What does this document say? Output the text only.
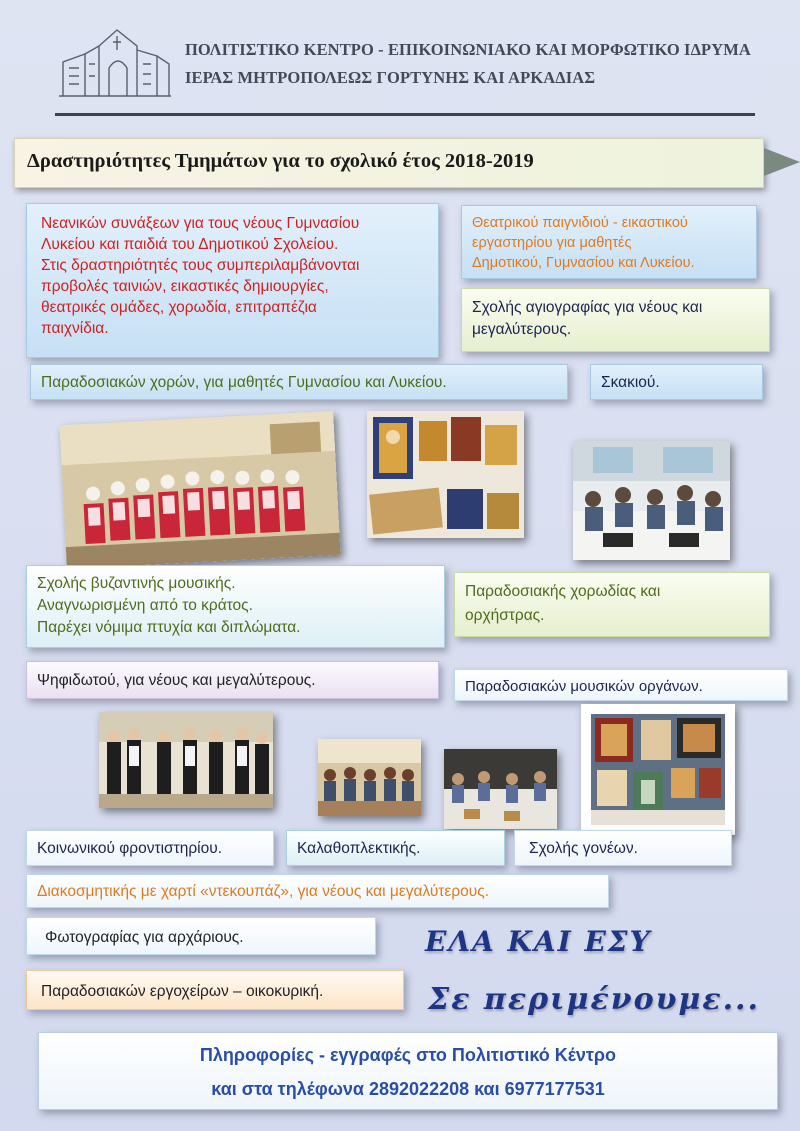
ΠΟΛΙΤΙΣΤΙΚΟ ΚΕΝΤΡΟ - ΕΠΙΚΟΙΝΩΝΙΑΚΟ ΚΑΙ ΜΟΡΦΩΤΙΚΟ ΙΔΡΥΜΑ
ΙΕΡΑΣ ΜΗΤΡΟΠΟΛΕΩΣ ΓΟΡΤΥΝΗΣ ΚΑΙ ΑΡΚΑΔΙΑΣ
Δραστηριότητες Τμημάτων για το σχολικό έτος 2018-2019
Νεανικών συνάξεων για τους νέους Γυμνασίου
Λυκείου και παιδιά του Δημοτικού Σχολείου.
Στις δραστηριότητές τους συμπεριλαμβάνονται
προβολές ταινιών, εικαστικές δημιουργίες,
θεατρικές ομάδες, χορωδία, επιτραπέζια
παιχνίδια.
Θεατρικού παιγνιδιού - εικαστικού
εργαστηρίου για μαθητές
Δημοτικού, Γυμνασίου και Λυκείου.
Σχολής αγιογραφίας για νέους και
μεγαλύτερους.
Παραδοσιακών χορών, για μαθητές Γυμνασίου και Λυκείου.	Σκακιού.
Σχολής βυζαντινής μουσικής.
Αναγνωρισμένη από το κράτος.
Παρέχει νόμιμα πτυχία και διπλώματα.
Παραδοσιακής χορωδίας και
ορχήστρας.
Ψηφιδωτού, για νέους και μεγαλύτερους.	Παραδοσιακών μουσικών οργάνων.
Κοινωνικού φροντιστηρίου.	Καλαθοπλεκτικής.	Σχολής γονέων.
Διακοσμητικής με χαρτί «ντεκουπάζ», για νέους και μεγαλύτερους.
Φωτογραφίας για αρχάριους.
Παραδοσιακών εργοχείρων – οικοκυρική.
ΕΛΑ ΚΑΙ ΕΣΥ
Σε περιμένουμε...
Πληροφορίες - εγγραφές στο Πολιτιστικό Κέντρο
και στα τηλέφωνα 2892022208 και 6977177531
